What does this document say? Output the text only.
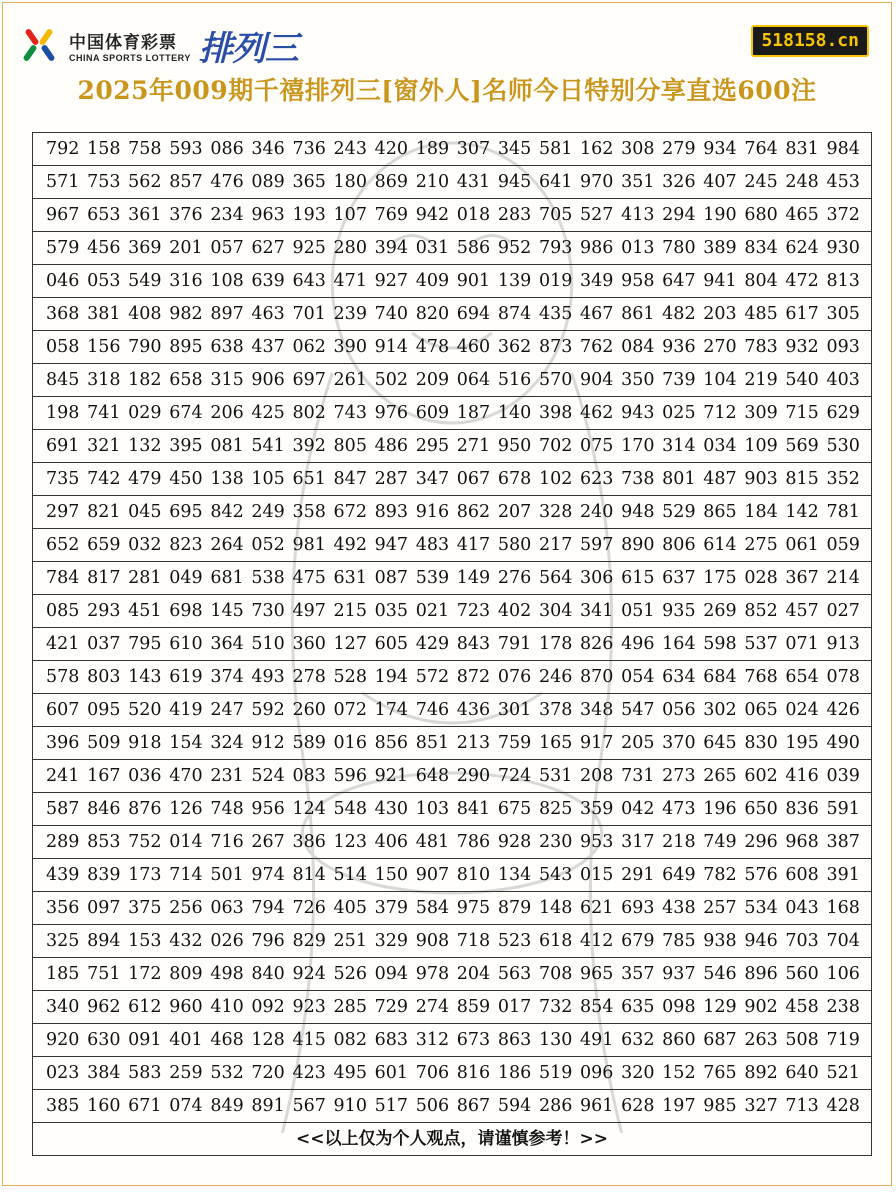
中国体育彩票
CHINA SPORTS LOTTERY 排列三	518158.cn
2025年009期千禧排列三[窗外人]名师今日特别分享直选600注
792 158 758 593 086 346 736 243 420 189 307 345 581 162 308 279 934 764 831 984
571 753 562 857 476 089 365 180 869 210 431 945 641 970 351 326 407 245 248 453
967 653 361 376 234 963 193 107 769 942 018 283 705 527 413 294 190 680 465 372
579 456 369 201 057 627 925 280 394 031 586 952 793 986 013 780 389 834 624 930
046 053 549 316 108 639 643 471 927 409 901 139 019 349 958 647 941 804 472 813
368 381 408 982 897 463 701 239 740 820 694 874 435 467 861 482 203 485 617 305
058 156 790 895 638 437 062 390 914 478 460 362 873 762 084 936 270 783 932 093
845 318 182 658 315 906 697 261 502 209 064 516 570 904 350 739 104 219 540 403
198 741 029 674 206 425 802 743 976 609 187 140 398 462 943 025 712 309 715 629
691 321 132 395 081 541 392 805 486 295 271 950 702 075 170 314 034 109 569 530
735 742 479 450 138 105 651 847 287 347 067 678 102 623 738 801 487 903 815 352
297 821 045 695 842 249 358 672 893 916 862 207 328 240 948 529 865 184 142 781
652 659 032 823 264 052 981 492 947 483 417 580 217 597 890 806 614 275 061 059
784 817 281 049 681 538 475 631 087 539 149 276 564 306 615 637 175 028 367 214
085 293 451 698 145 730 497 215 035 021 723 402 304 341 051 935 269 852 457 027
421 037 795 610 364 510 360 127 605 429 843 791 178 826 496 164 598 537 071 913
578 803 143 619 374 493 278 528 194 572 872 076 246 870 054 634 684 768 654 078
607 095 520 419 247 592 260 072 174 746 436 301 378 348 547 056 302 065 024 426
396 509 918 154 324 912 589 016 856 851 213 759 165 917 205 370 645 830 195 490
241 167 036 470 231 524 083 596 921 648 290 724 531 208 731 273 265 602 416 039
587 846 876 126 748 956 124 548 430 103 841 675 825 359 042 473 196 650 836 591
289 853 752 014 716 267 386 123 406 481 786 928 230 953 317 218 749 296 968 387
439 839 173 714 501 974 814 514 150 907 810 134 543 015 291 649 782 576 608 391
356 097 375 256 063 794 726 405 379 584 975 879 148 621 693 438 257 534 043 168
325 894 153 432 026 796 829 251 329 908 718 523 618 412 679 785 938 946 703 704
185 751 172 809 498 840 924 526 094 978 204 563 708 965 357 937 546 896 560 106
340 962 612 960 410 092 923 285 729 274 859 017 732 854 635 098 129 902 458 238
920 630 091 401 468 128 415 082 683 312 673 863 130 491 632 860 687 263 508 719
023 384 583 259 532 720 423 495 601 706 816 186 519 096 320 152 765 892 640 521
385 160 671 074 849 891 567 910 517 506 867 594 286 961 628 197 985 327 713 428
<<以上仅为个人观点，请谨慎参考！>>
